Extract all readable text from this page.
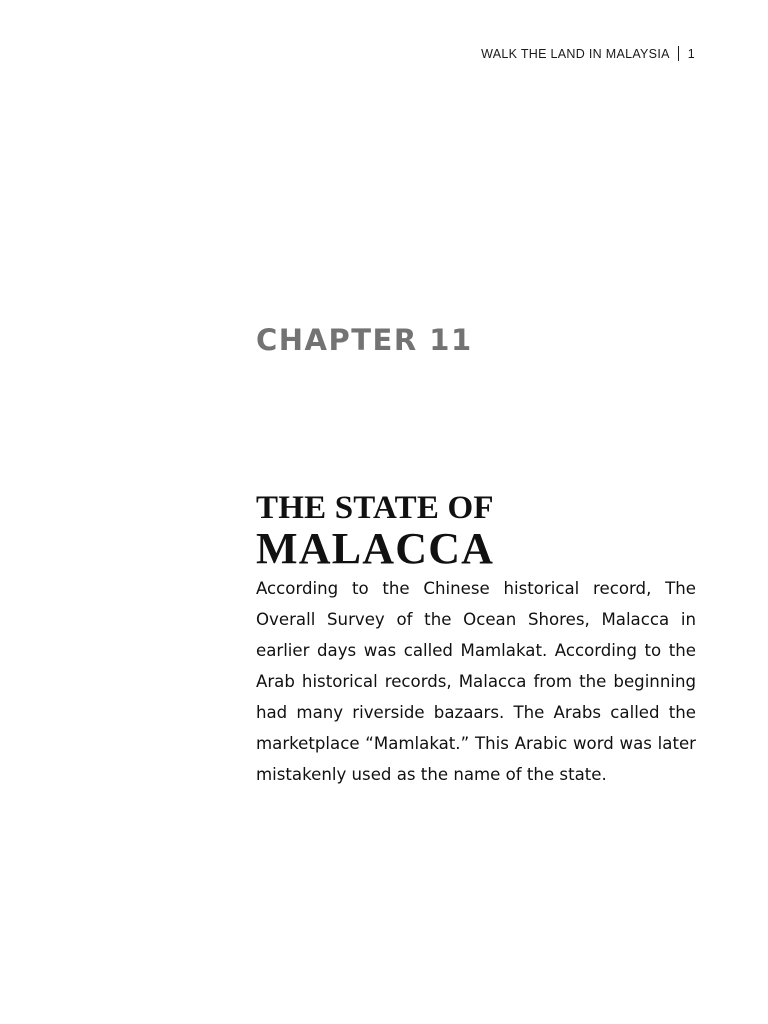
WALK THE LAND IN MALAYSIA 1
CHAPTER 11
THE STATE OF
MALACCA

According to the Chinese historical record, The Overall Survey of the Ocean Shores, Malacca in earlier days was called Mamlakat. According to the Arab historical records, Malacca from the beginning had many riverside bazaars. The Arabs called the marketplace “Mamlakat.” This Arabic word was later mistakenly used as the name of the state.
